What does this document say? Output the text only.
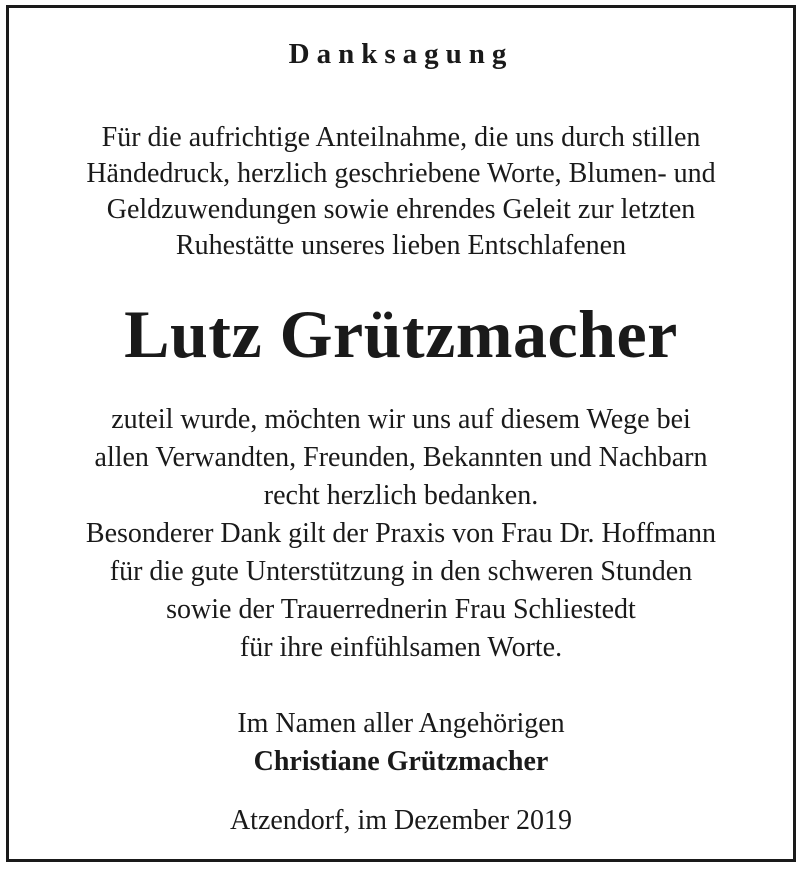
Danksagung
Für die aufrichtige Anteilnahme, die uns durch stillen
Händedruck, herzlich geschriebene Worte, Blumen- und
Geldzuwendungen sowie ehrendes Geleit zur letzten
Ruhestätte unseres lieben Entschlafenen
Lutz Grützmacher
zuteil wurde, möchten wir uns auf diesem Wege bei
allen Verwandten, Freunden, Bekannten und Nachbarn
recht herzlich bedanken.
Besonderer Dank gilt der Praxis von Frau Dr. Hoffmann
für die gute Unterstützung in den schweren Stunden
sowie der Trauerrednerin Frau Schliestedt
für ihre einfühlsamen Worte.
Im Namen aller Angehörigen
Christiane Grützmacher
Atzendorf, im Dezember 2019
